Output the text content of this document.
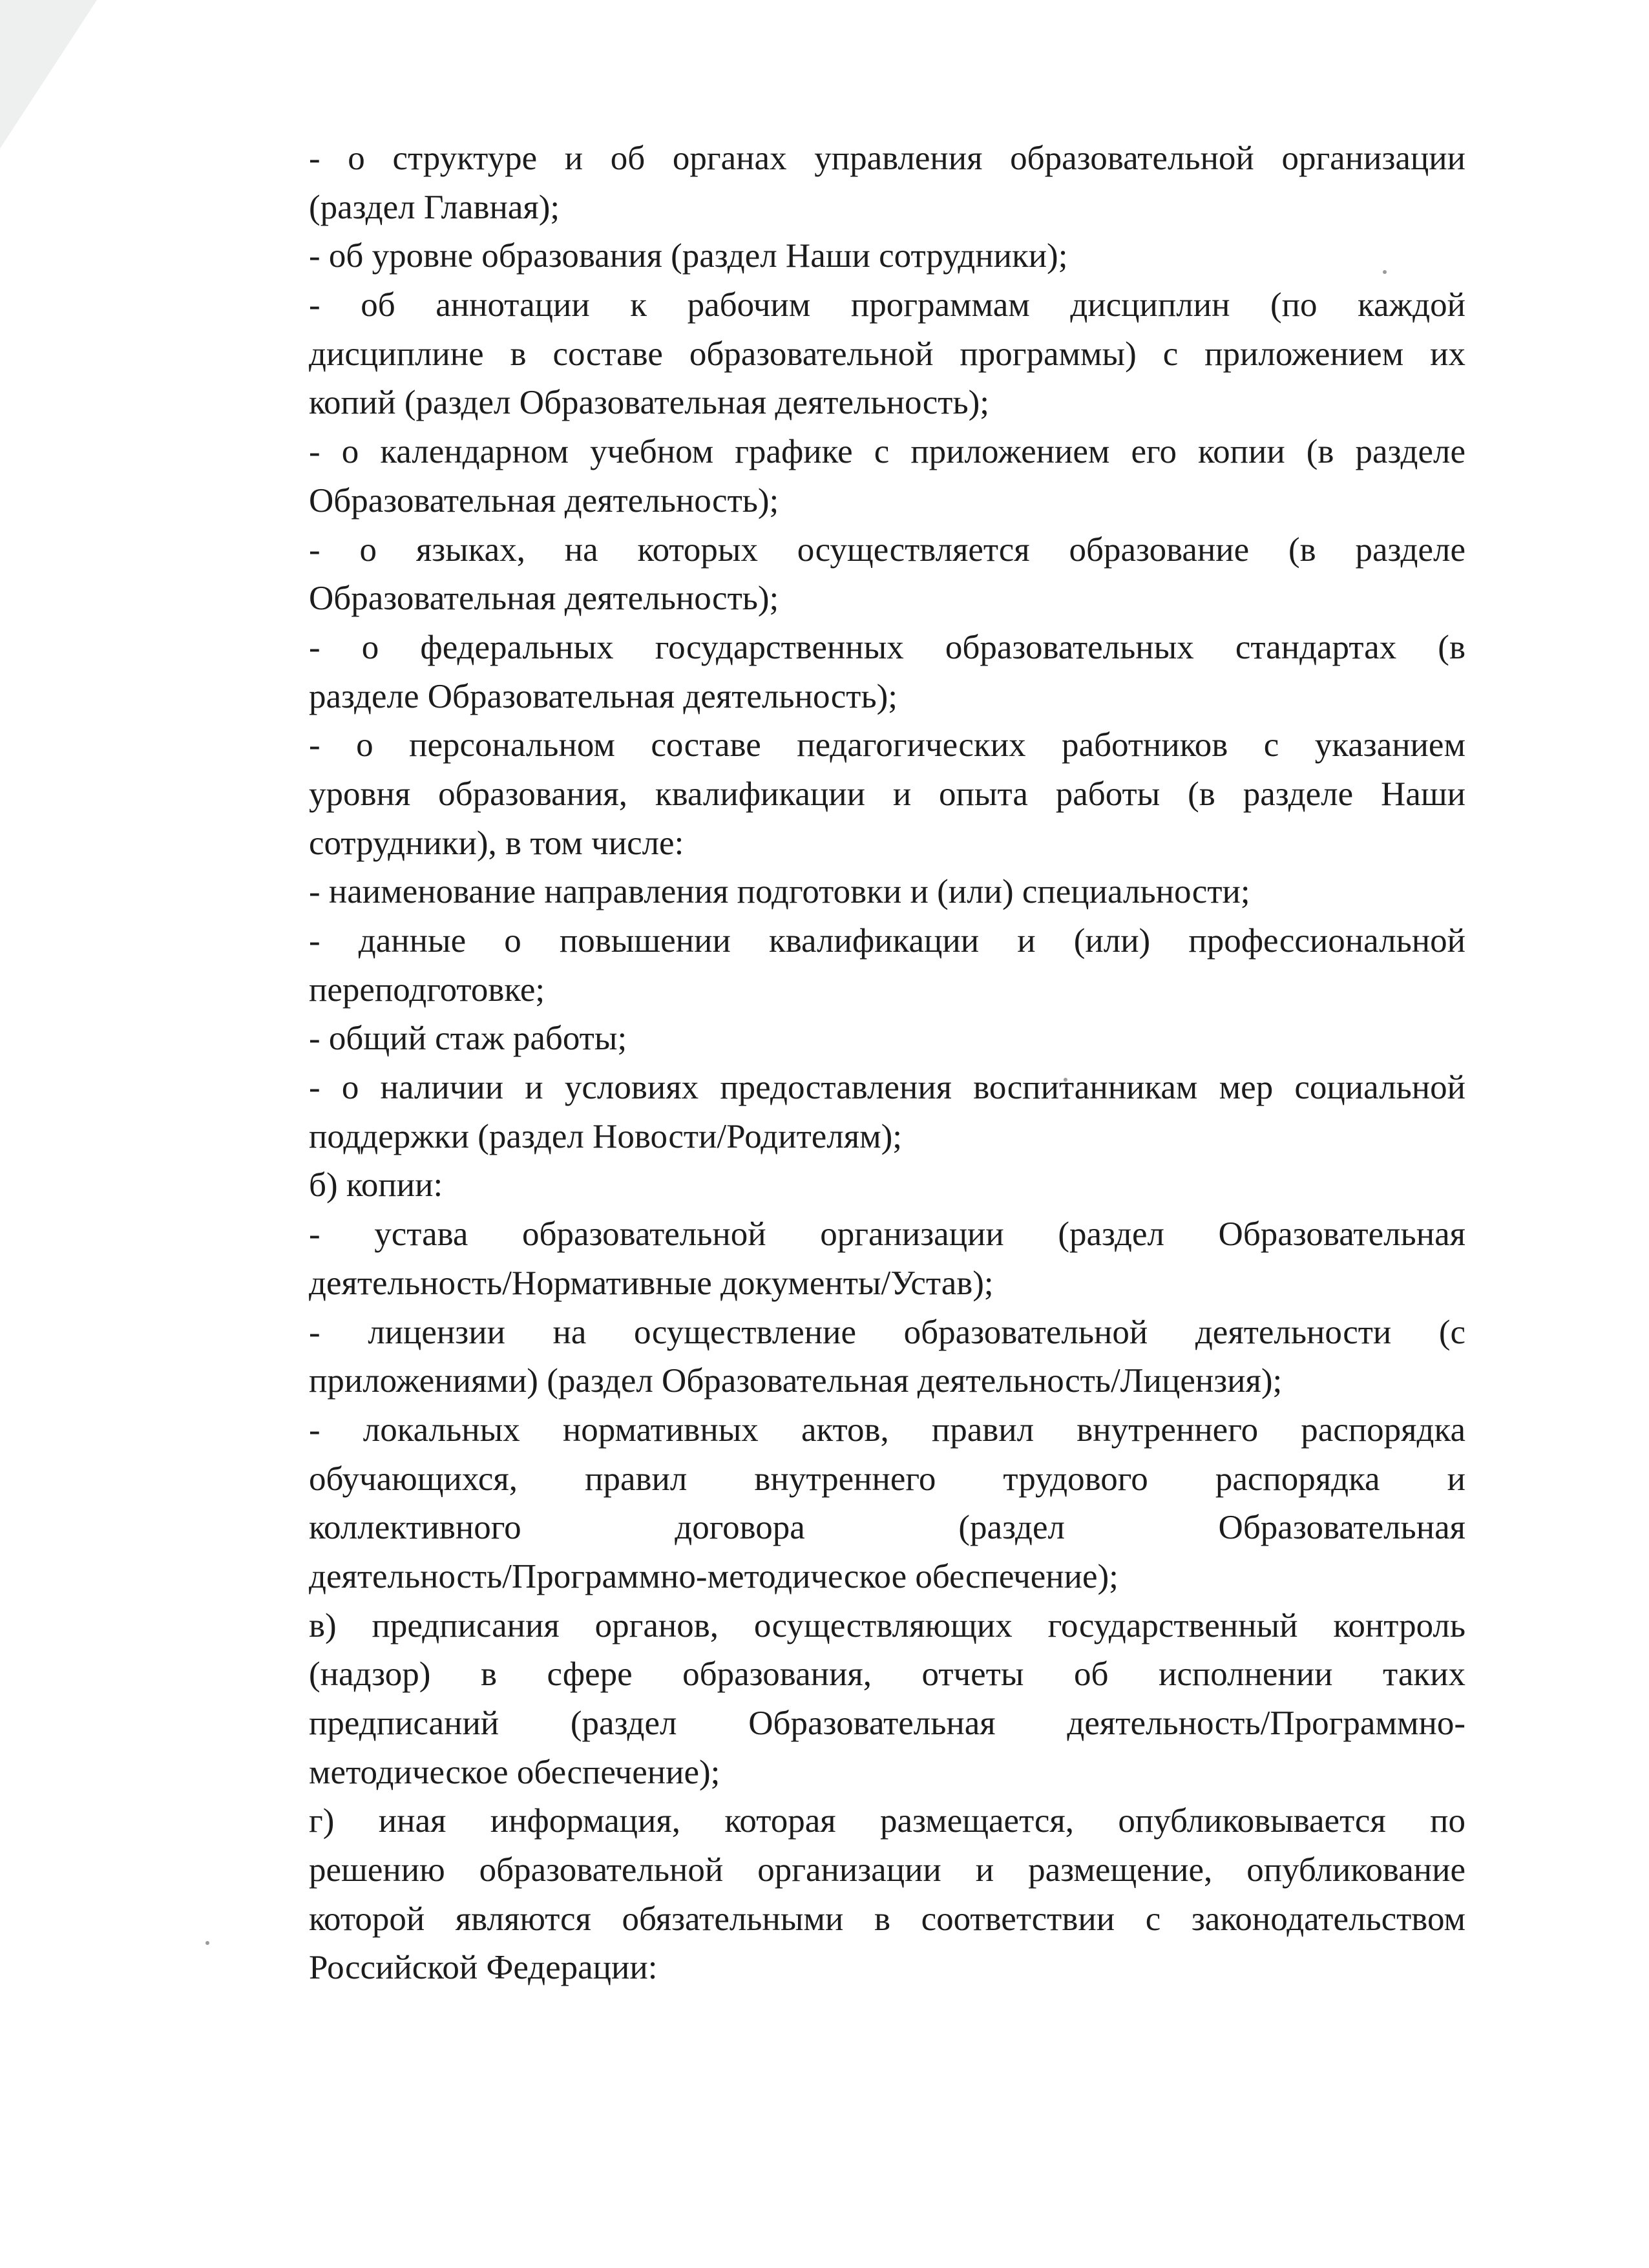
- о структуре и об органах управления образовательной организации
(раздел Главная);
- об уровне образования (раздел Наши сотрудники);
- об аннотации к рабочим программам дисциплин (по каждой
дисциплине в составе образовательной программы) с приложением их
копий (раздел Образовательная деятельность);
- о календарном учебном графике с приложением его копии (в разделе
Образовательная деятельность);
- о языках, на которых осуществляется образование (в разделе
Образовательная деятельность);
- о федеральных государственных образовательных стандартах (в
разделе Образовательная деятельность);
- о персональном составе педагогических работников с указанием
уровня образования, квалификации и опыта работы (в разделе Наши
сотрудники), в том числе:
- наименование направления подготовки и (или) специальности;
- данные о повышении квалификации и (или) профессиональной
переподготовке;
- общий стаж работы;
- о наличии и условиях предоставления воспитанникам мер социальной
поддержки (раздел Новости/Родителям);
б) копии:
- устава образовательной организации (раздел Образовательная
деятельность/Нормативные документы/Устав);
- лицензии на осуществление образовательной деятельности (с
приложениями) (раздел Образовательная деятельность/Лицензия);
- локальных нормативных актов, правил внутреннего распорядка
обучающихся, правил внутреннего трудового распорядка и
коллективного договора (раздел Образовательная
деятельность/Программно-методическое обеспечение);
в) предписания органов, осуществляющих государственный контроль
(надзор) в сфере образования, отчеты об исполнении таких
предписаний (раздел Образовательная деятельность/Программно-
методическое обеспечение);
г) иная информация, которая размещается, опубликовывается по
решению образовательной организации и размещение, опубликование
которой являются обязательными в соответствии с законодательством
Российской Федерации:
